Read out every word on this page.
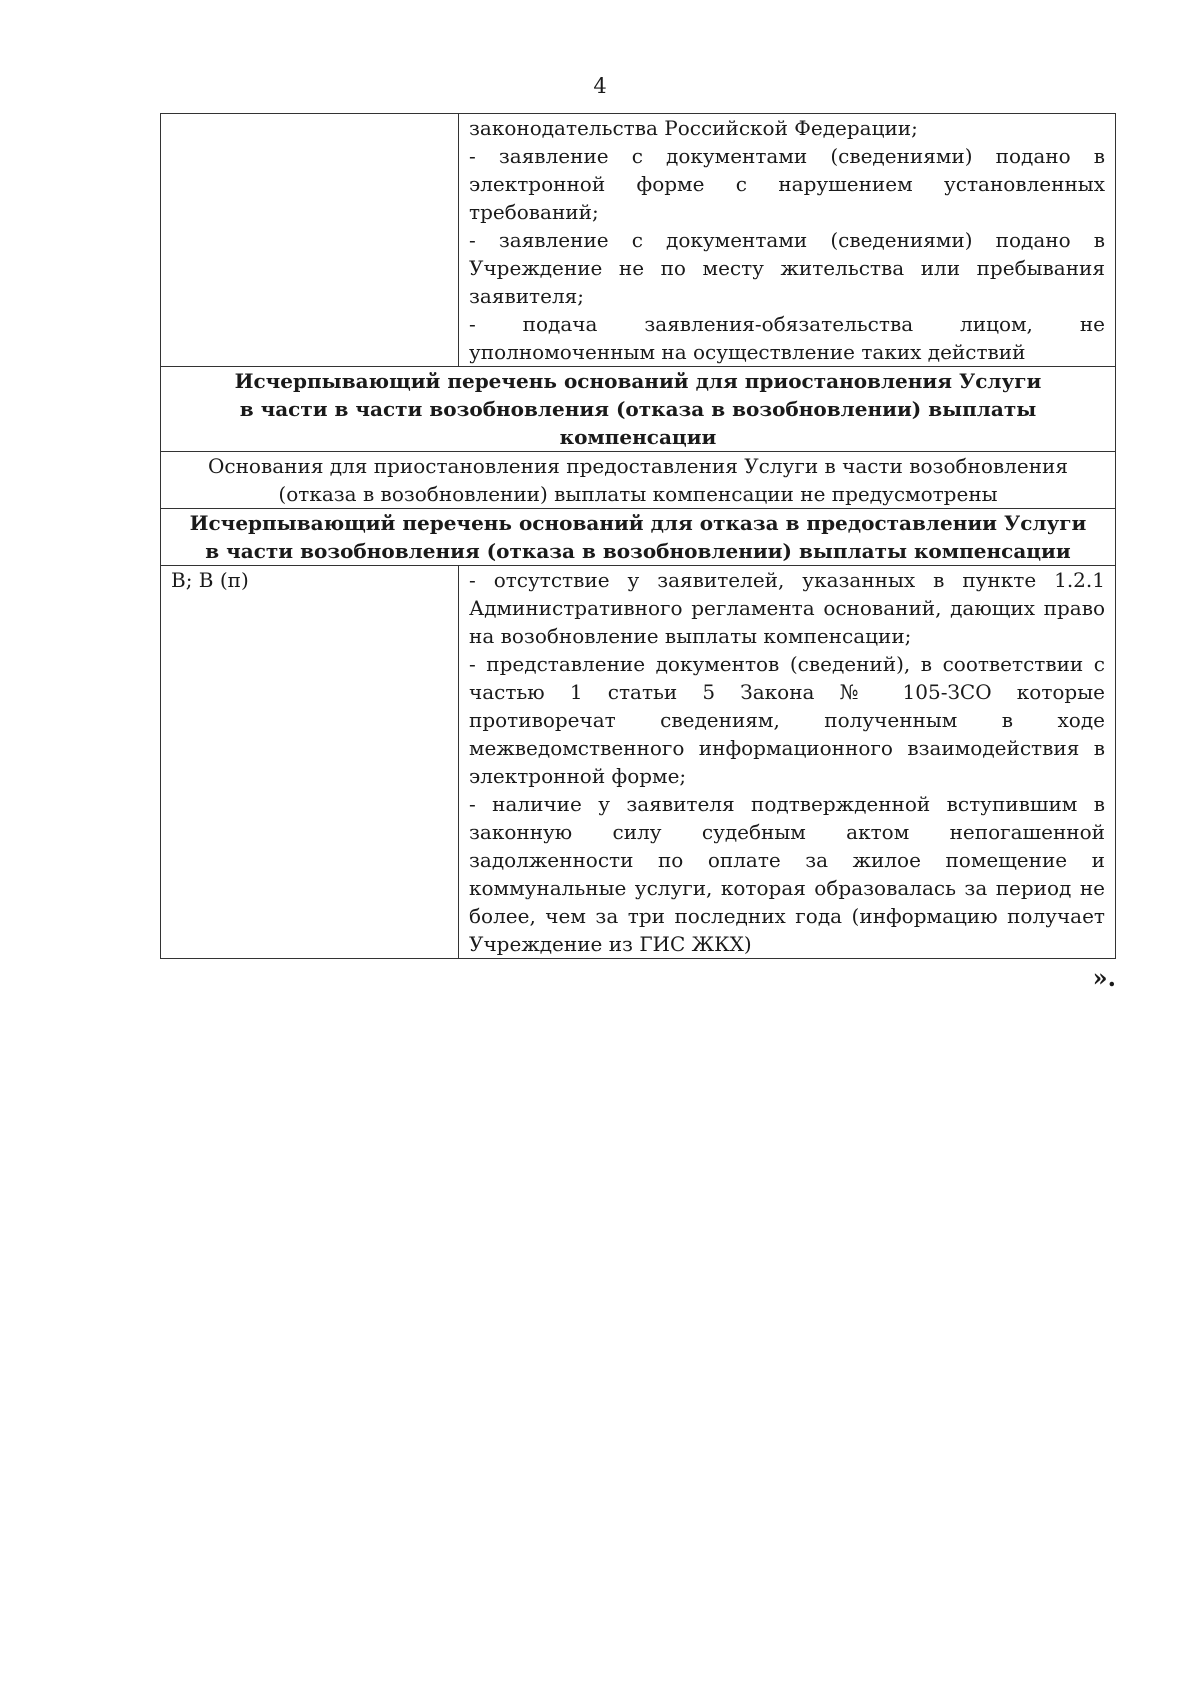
4

	законодательства Российской Федерации;
- заявление с документами (сведениями) подано в электронной форме с нарушением установленных требований;
- заявление с документами (сведениями) подано в Учреждение не по месту жительства или пребывания заявителя;
- подача заявления-обязательства лицом, не уполномоченным на осуществление таких действий

Исчерпывающий перечень оснований для приостановления Услуги
в части в части возобновления (отказа в возобновлении) выплаты компенсации	

Основания для приостановления предоставления Услуги в части возобновления (отказа в возобновлении) выплаты компенсации не предусмотрены	

Исчерпывающий перечень оснований для отказа в предоставлении Услуги
в части возобновления (отказа в возобновлении) выплаты компенсации	

В; В (п)	- отсутствие у заявителей, указанных в пункте 1.2.1 Административного регламента оснований, дающих право на возобновление выплаты компенсации;
- представление документов (сведений), в соответствии с частью 1 статьи 5 Закона № 105-ЗСО которые противоречат сведениям, полученным в ходе межведомственного информационного взаимодействия в электронной форме;
- наличие у заявителя подтвержденной вступившим в законную силу судебным актом непогашенной задолженности по оплате за жилое помещение и коммунальные услуги, которая образовалась за период не более, чем за три последних года (информацию получает Учреждение из ГИС ЖКХ)
».
